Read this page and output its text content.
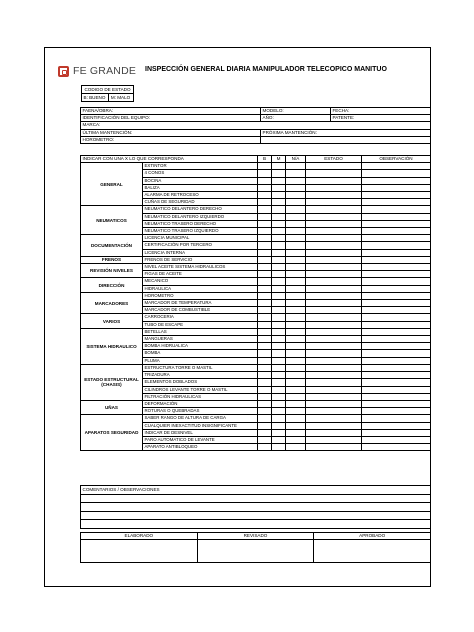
FE GRANDE INSPECCIÓN GENERAL DIARIA MANIPULADOR TELECOPICO MANITUO
CODIGO DE ESTADO
B: BUENO	M: MALO
FAENA/OBRA:	MODELO:	FECHA:
IDENTIFICACIÓN DEL EQUIPO:	AÑO:	PATENTE:
MARCA:		
ÚLTIMA MANTENCIÓN:	PRÓXIMA MANTENCIÓN:	
HOROMETRO:		
INDICAR CON UNA X LO QUE CORRESPONDA		B	M	N/A	ESTADO	OBSERVACIÓN
GENERAL	EXTINTOR					
	4 CONOS					
	BOCINA					
	BALIZA					
	ALARMA DE RETROCESO					
	CUÑAS DE SEGURIDAD					
NEUMATICOS	NEUMATICO DELANTERO DERECHO					
	NEUMATICO DELANTERO IZQUIERDO					
	NEUMATICO TRASERO DERECHO					
	NEUMATICO TRASERO IZQUIERDO					
DOCUMENTACIÓN	LICENCIA MUNICIPAL					
	CERTIFICACIÓN POR TERCERO					
	LICENCIA INTERNA					
FRENOS	FRENOS DE SERVICIO					
REVISIÓN NIVELES	NIVEL ACEITE SISTEMA HIDRAULICOS					
	FIGAS DE ACEITE					
DIRECCIÓN	MECANICO					
	HIDRAULICA					
MARCADORES	HOROMETRO					
	MARCADOR DE TEMPERATURA					
	MARCADOR DE COMBUSTIBLE					
VARIOS	CARROCERIA					
	TUBO DE ESCAPE					
SISTEMA HIDRAULICO	BETELLAS					
	MANGUERAS					
	BOMBA HIDRUALICA					
	BOMBA					
	PLUMA					
ESTADO ESTRUCTURAL (CHASIS)	ESTRUCTURA TORRE O MASTIL					
	TRIZADURA					
	ELEMENTOS DOBLADOS					
	CILINDROS LEVANTE TORRE O MASTIL					
	FILTRACIÓN HIDRAULICAS					
UÑAS	DEFORMACIÓN					
	ROTURAS O QUEBRADAS					
APARATOS SEGURIDAD	SABER RANGO DE ALTURA DE CARGA					
	CUALQUIER INEXACTITUD INSIGNIFICANTE					
	INDICAR DE DESNIVEL					
	PARO AUTOMATICO DE LEVANTE					
	APARATO ANTIBLOQUEO					
COMENTARIOS / OBSERVACIONES

ELABORADO	REVISADO	APROBADO
